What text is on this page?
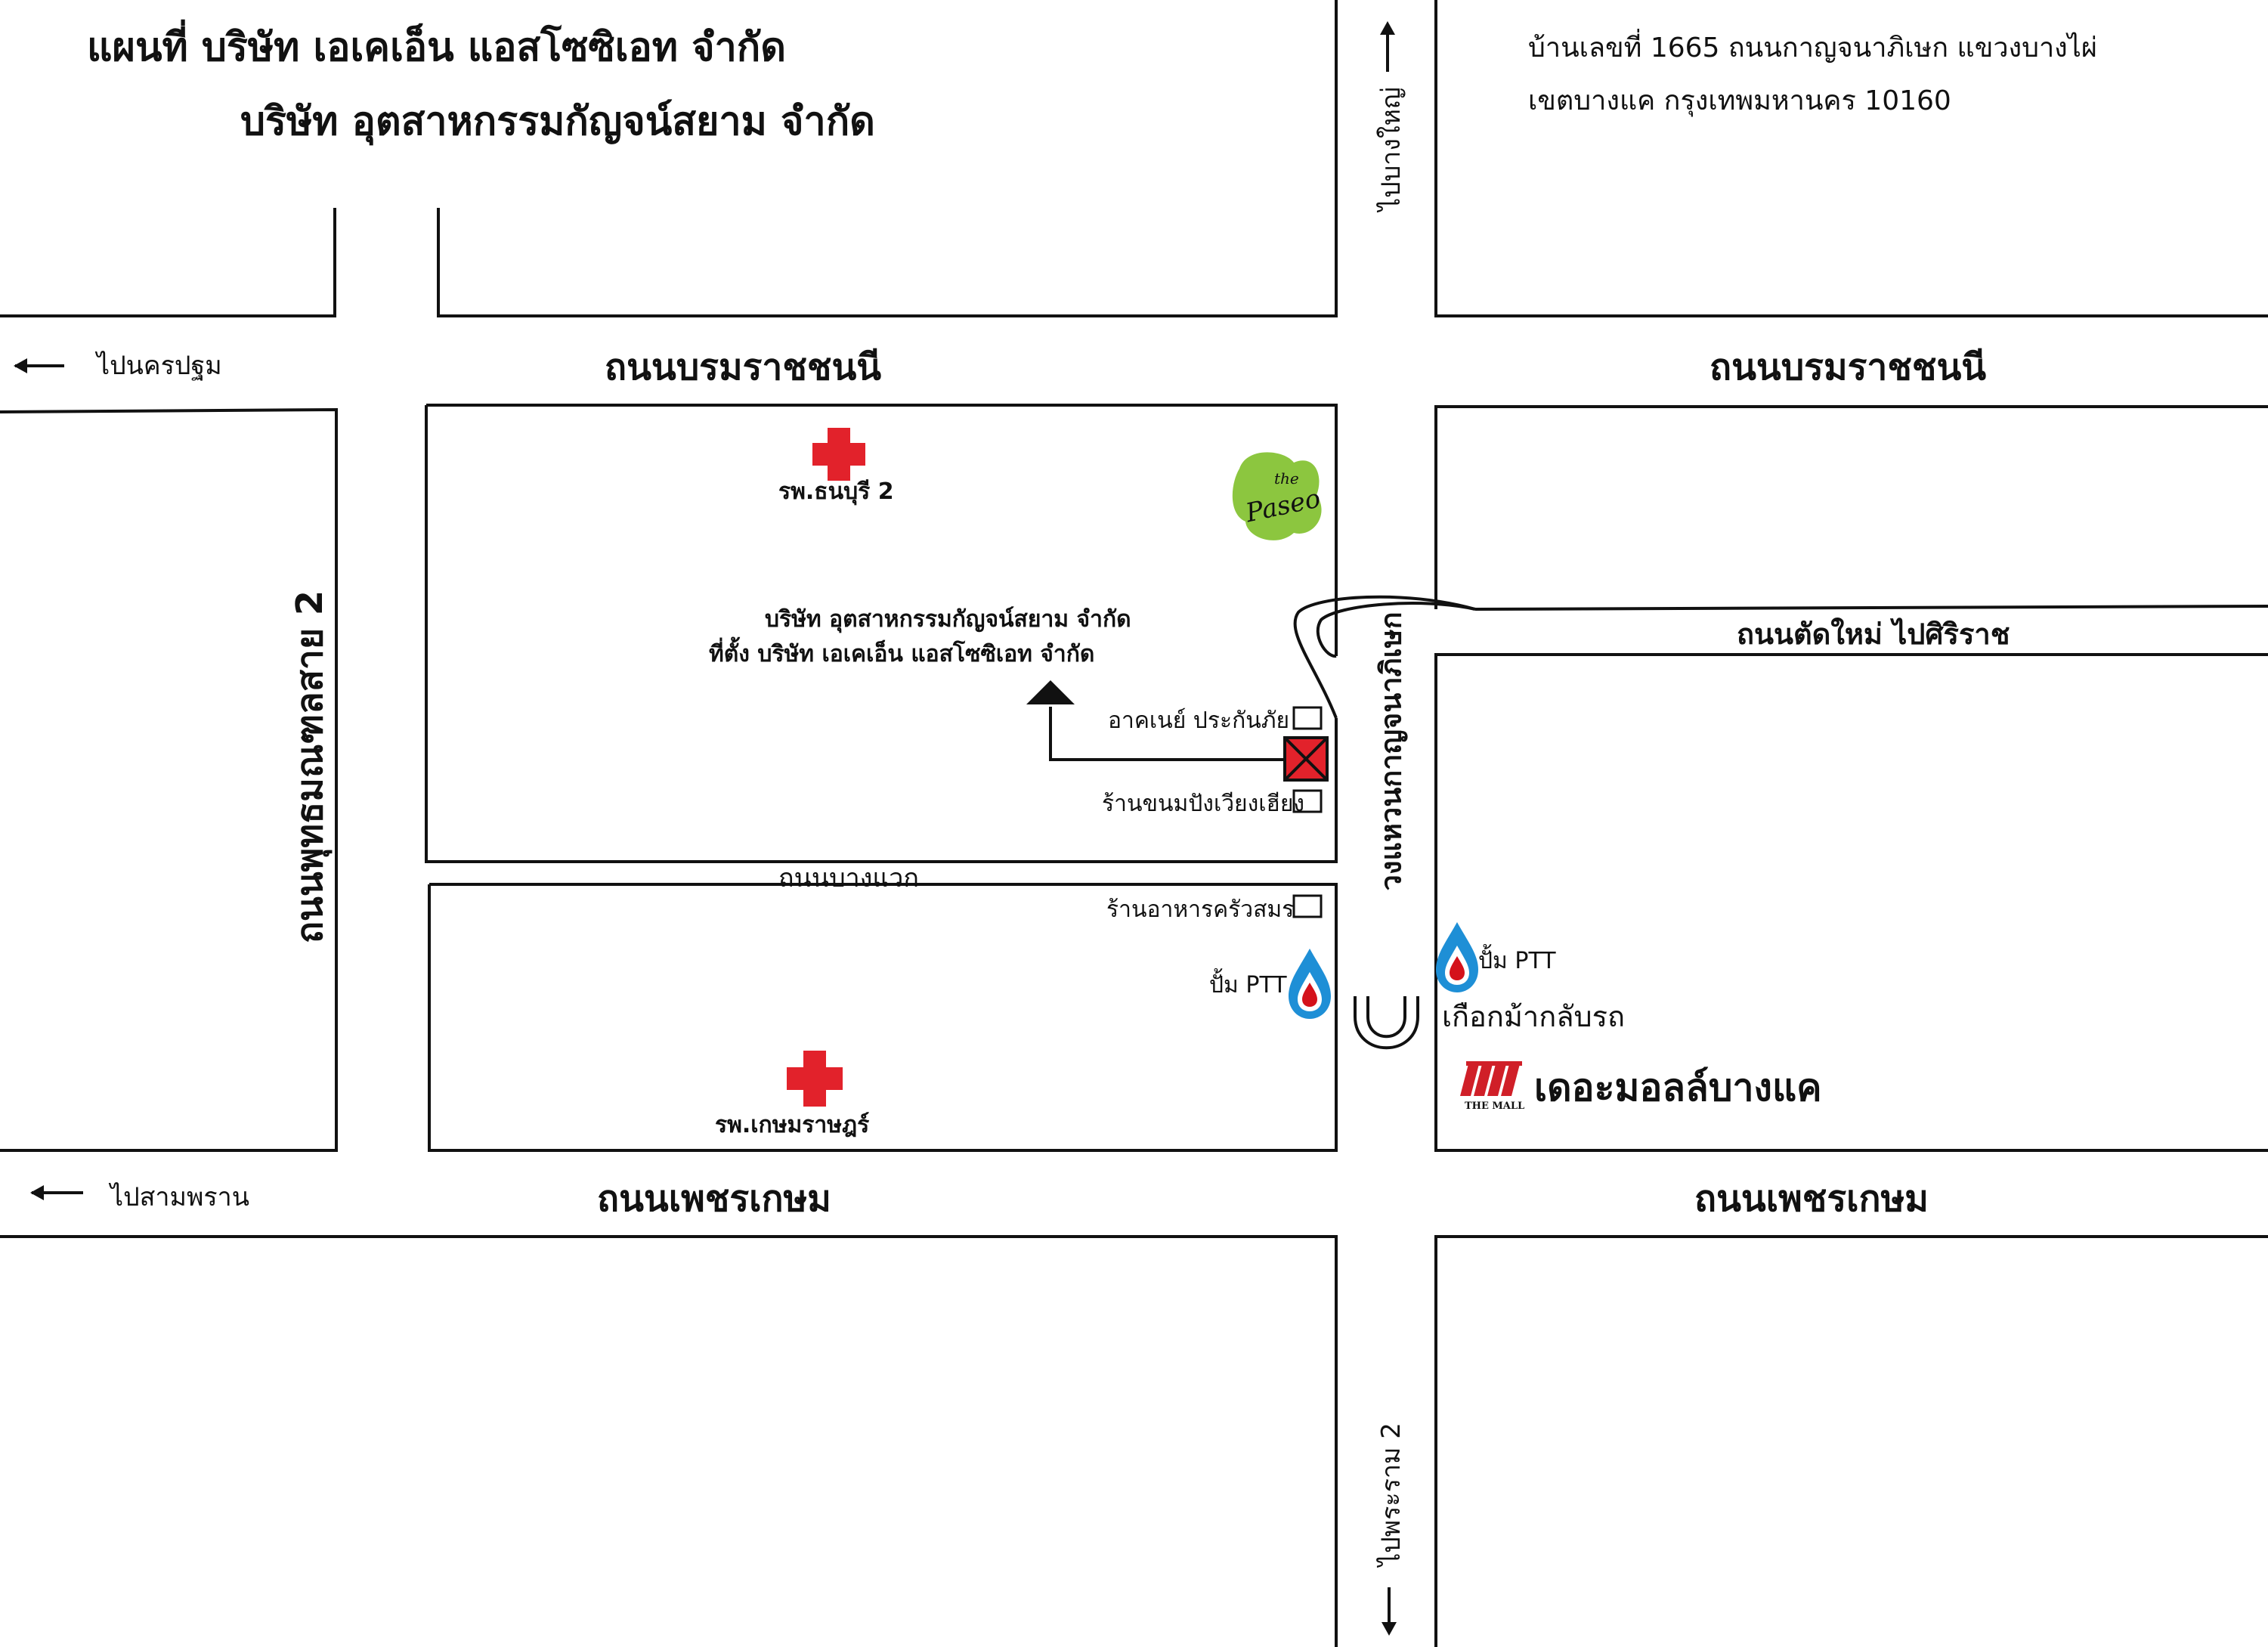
the
Paseo
THE MALL
แผนที่ บริษัท เอเคเอ็น แอสโซซิเอท จำกัด
บริษัท อุตสาหกรรมกัญจน์สยาม จำกัด
บ้านเลขที่ 1665 ถนนกาญจนาภิเษก แขวงบางไผ่
เขตบางแค กรุงเทพมหานคร 10160
ไปนครปฐม
ไปสามพราน
ไปบางใหญ่
ไปพระราม 2
ถนนบรมราชชนนี	ถนนบรมราชชนนี
ถนนเพชรเกษม	ถนนเพชรเกษม
ถนนพุทธมณฑลสาย 2	วงแหวนกาญจนาภิเษก
ถนนบางแวก
ถนนตัดใหม่ ไปศิริราช
รพ.ธนบุรี 2
รพ.เกษมราษฎร์
บริษัท อุตสาหกรรมกัญจน์สยาม จำกัด
ที่ตั้ง บริษัท เอเคเอ็น แอสโซซิเอท จำกัด
อาคเนย์ ประกันภัย
ร้านขนมปังเวียงเฮียง
ร้านอาหารครัวสมร
ปั้ม PTT
ปั้ม PTT
เกือกม้ากลับรถ
เดอะมอลล์บางแค
